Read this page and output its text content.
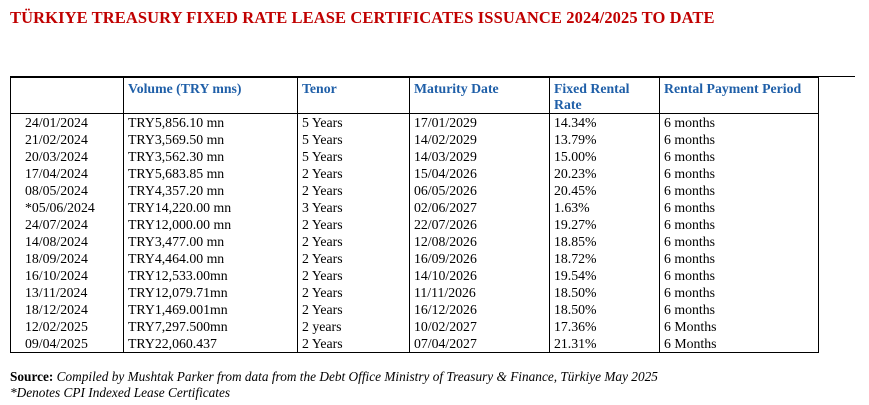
TÜRKIYE TREASURY FIXED RATE LEASE CERTIFICATES ISSUANCE 2024/2025 TO DATE
	Volume (TRY mns)	Tenor	Maturity Date	Fixed Rental Rate	Rental Payment Period
24/01/2024	TRY5,856.10 mn	5 Years	17/01/2029	14.34%	6 months
21/02/2024	TRY3,569.50 mn	5 Years	14/02/2029	13.79%	6 months
20/03/2024	TRY3,562.30 mn	5 Years	14/03/2029	15.00%	6 months
17/04/2024	TRY5,683.85 mn	2 Years	15/04/2026	20.23%	6 months
08/05/2024	TRY4,357.20 mn	2 Years	06/05/2026	20.45%	6 months
*05/06/2024	TRY14,220.00 mn	3 Years	02/06/2027	1.63%	6 months
24/07/2024	TRY12,000.00 mn	2 Years	22/07/2026	19.27%	6 months
14/08/2024	TRY3,477.00 mn	2 Years	12/08/2026	18.85%	6 months
18/09/2024	TRY4,464.00 mn	2 Years	16/09/2026	18.72%	6 months
16/10/2024	TRY12,533.00mn	2 Years	14/10/2026	19.54%	6 months
13/11/2024	TRY12,079.71mn	2 Years	11/11/2026	18.50%	6 months
18/12/2024	TRY1,469.001mn	2 Years	16/12/2026	18.50%	6 months
12/02/2025	TRY7,297.500mn	2 years	10/02/2027	17.36%	6 Months
09/04/2025	TRY22,060.437	2 Years	07/04/2027	21.31%	6 Months
Source: Compiled by Mushtak Parker from data from the Debt Office Ministry of Treasury & Finance, Türkiye May 2025
*Denotes CPI Indexed Lease Certificates
